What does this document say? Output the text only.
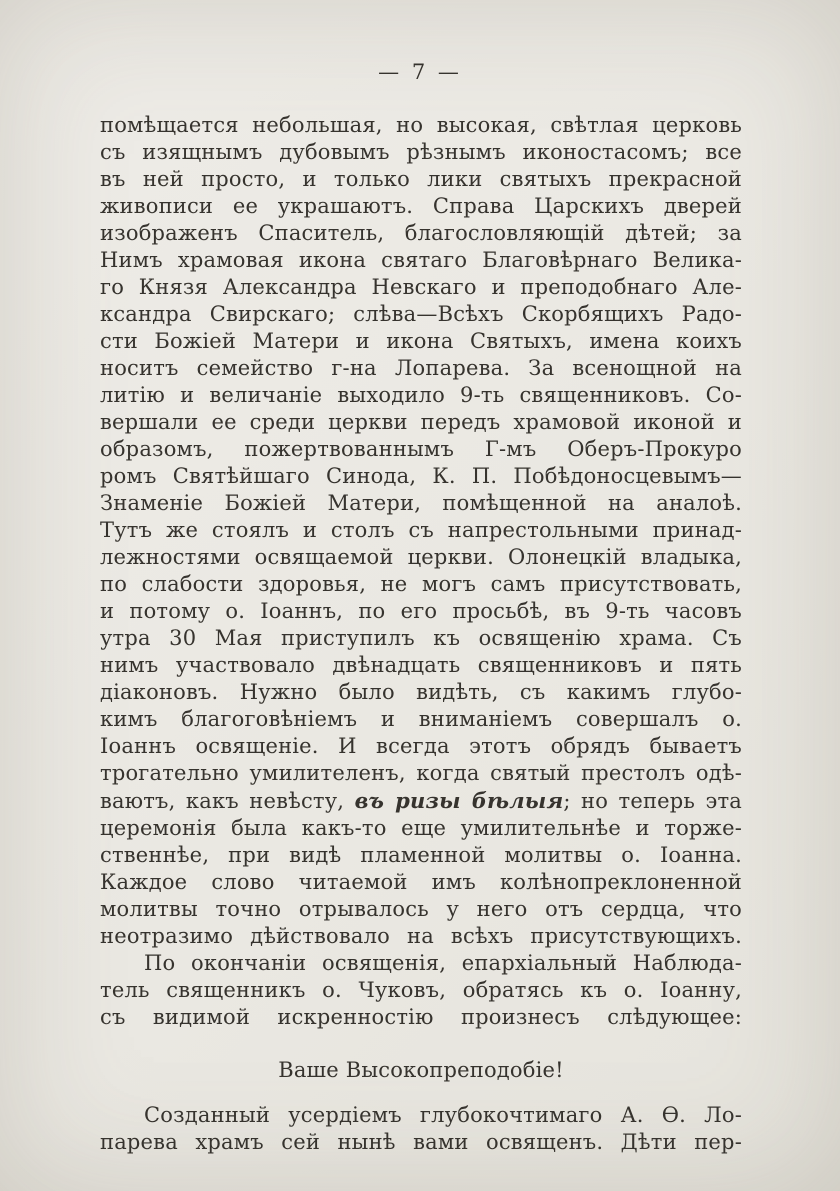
— 7 —
помѣщается небольшая, но высокая, свѣтлая церковь
съ изящнымъ дубовымъ рѣзнымъ иконостасомъ; все
въ ней просто, и только лики святыхъ прекрасной
живописи ее украшаютъ. Справа Царскихъ дверей
изображенъ Спаситель, благословляющій дѣтей; за
Нимъ храмовая икона святаго Благовѣрнаго Велика-
го Князя Александра Невскаго и преподобнаго Але-
ксандра Свирскаго; слѣва—Всѣхъ Скорбящихъ Радо-
сти Божіей Матери и икона Святыхъ, имена коихъ
носитъ семейство г-на Лопарева. За всенощной на
литію и величаніе выходило 9-ть священниковъ. Со-
вершали ее среди церкви передъ храмовой иконой и
образомъ, пожертвованнымъ Г-мъ Оберъ-Прокуро
ромъ Святѣйшаго Синода, К. П. Побѣдоносцевымъ—
Знаменіе Божіей Матери, помѣщенной на аналоѣ.
Тутъ же стоялъ и столъ съ напрестольными принад-
лежностями освящаемой церкви. Олонецкій владыка,
по слабости здоровья, не могъ самъ присутствовать,
и потому о. Іоаннъ, по его просьбѣ, въ 9-ть часовъ
утра 30 Мая приступилъ къ освященію храма. Съ
нимъ участвовало двѣнадцать священниковъ и пять
діаконовъ. Нужно было видѣть, съ какимъ глубо-
кимъ благоговѣніемъ и вниманіемъ совершалъ о.
Іоаннъ освященіе. И всегда этотъ обрядъ бываетъ
трогательно умилителенъ, когда святый престолъ одѣ-
ваютъ, какъ невѣсту, въ ризы бѣлыя; но теперь эта
церемонія была какъ-то еще умилительнѣе и торже-
ственнѣе, при видѣ пламенной молитвы о. Іоанна.
Каждое слово читаемой имъ колѣнопреклоненной
молитвы точно отрывалось у него отъ сердца, что
неотразимо дѣйствовало на всѣхъ присутствующихъ.
По окончаніи освященія, епархіальный Наблюда-
тель священникъ о. Чуковъ, обратясь къ о. Іоанну,
съ видимой искренностію произнесъ слѣдующее:
Ваше Высокопреподобіе!
Созданный усердіемъ глубокочтимаго А. Ѳ. Ло-
парева храмъ сей нынѣ вами освященъ. Дѣти пер-
